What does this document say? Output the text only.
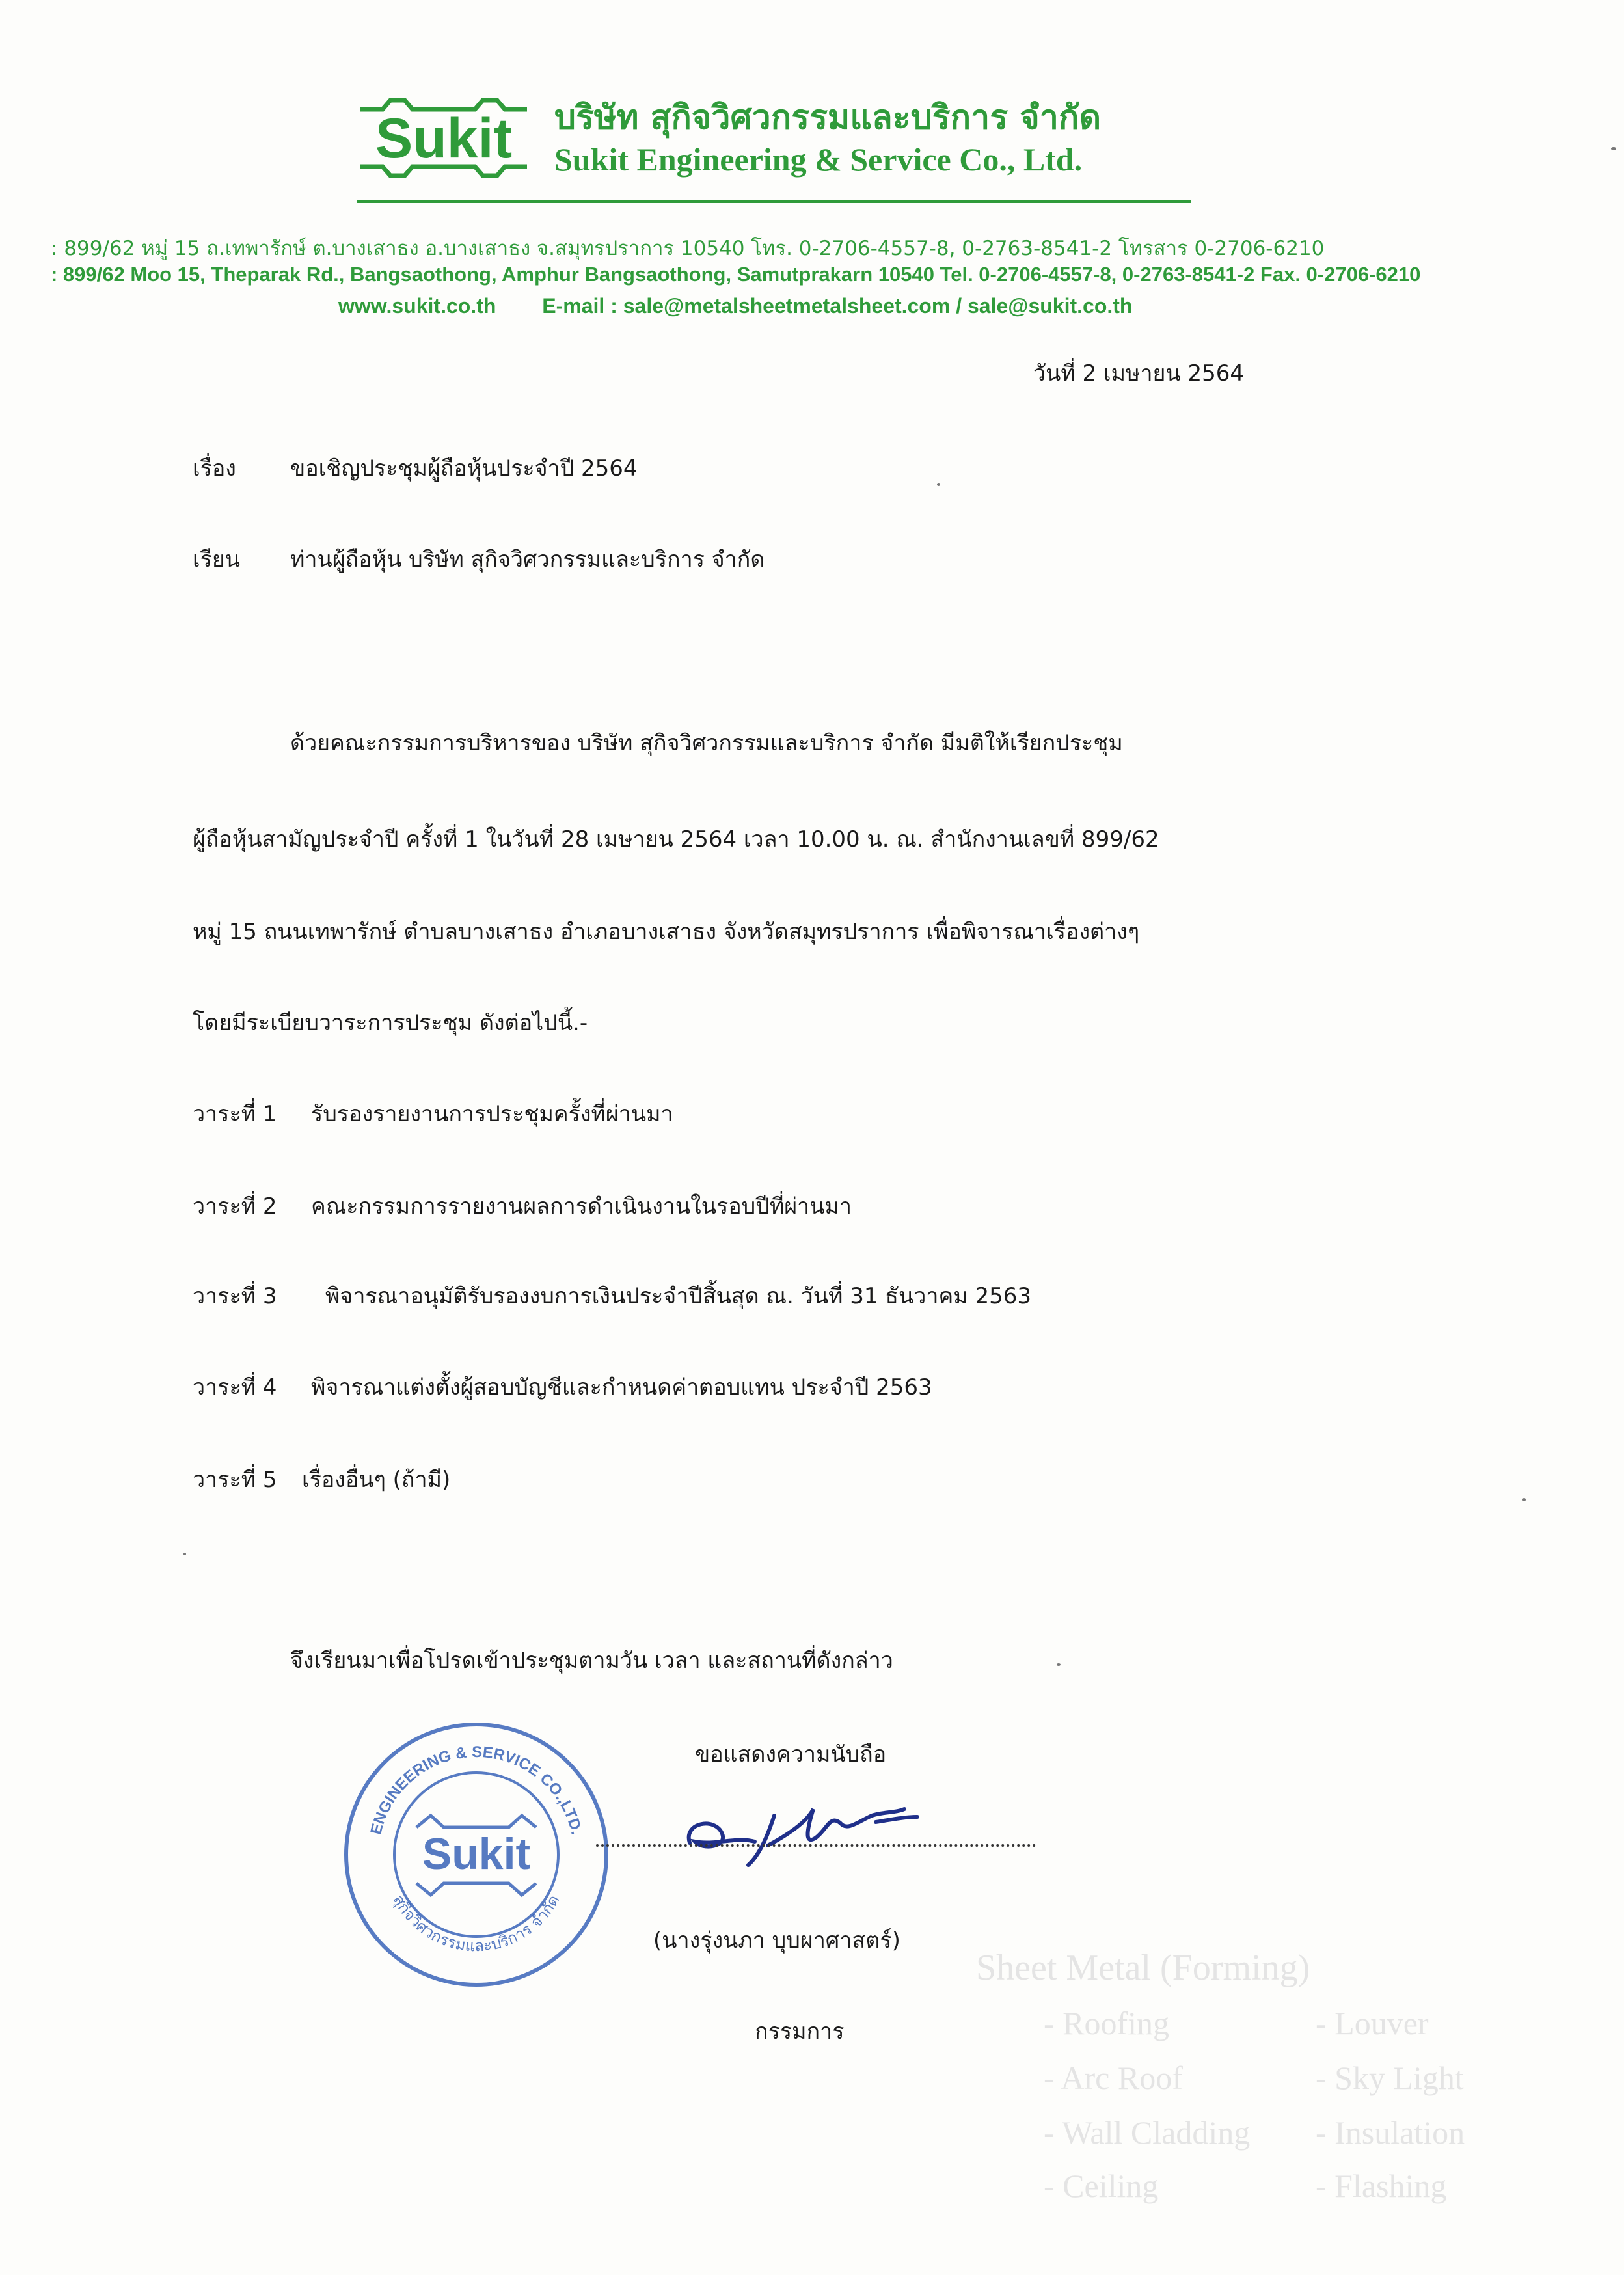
Sukit บริษัท สุกิจวิศวกรรมและบริการ จำกัด
Sukit Engineering & Service Co., Ltd.
: 899/62 หมู่ 15 ถ.เทพารักษ์ ต.บางเสาธง อ.บางเสาธง จ.สมุทรปราการ 10540 โทร. 0-2706-4557-8, 0-2763-8541-2 โทรสาร 0-2706-6210
: 899/62 Moo 15, Theparak Rd., Bangsaothong, Amphur Bangsaothong, Samutprakarn 10540 Tel. 0-2706-4557-8, 0-2763-8541-2 Fax. 0-2706-6210
www.sukit.co.th E-mail : sale@metalsheetmetalsheet.com / sale@sukit.co.th
วันที่ 2 เมษายน 2564
เรื่อง ขอเชิญประชุมผู้ถือหุ้นประจำปี 2564
เรียน ท่านผู้ถือหุ้น บริษัท สุกิจวิศวกรรมและบริการ จำกัด
ด้วยคณะกรรมการบริหารของ บริษัท สุกิจวิศวกรรมและบริการ จำกัด มีมติให้เรียกประชุม
ผู้ถือหุ้นสามัญประจำปี ครั้งที่ 1 ในวันที่ 28 เมษายน 2564 เวลา 10.00 น. ณ. สำนักงานเลขที่ 899/62
หมู่ 15 ถนนเทพารักษ์ ตำบลบางเสาธง อำเภอบางเสาธง จังหวัดสมุทรปราการ เพื่อพิจารณาเรื่องต่างๆ
โดยมีระเบียบวาระการประชุม ดังต่อไปนี้.-
วาระที่ 1 รับรองรายงานการประชุมครั้งที่ผ่านมา
วาระที่ 2 คณะกรรมการรายงานผลการดำเนินงานในรอบปีที่ผ่านมา
วาระที่ 3 พิจารณาอนุมัติรับรองงบการเงินประจำปีสิ้นสุด ณ. วันที่ 31 ธันวาคม 2563
วาระที่ 4 พิจารณาแต่งตั้งผู้สอบบัญชีและกำหนดค่าตอบแทน ประจำปี 2563
วาระที่ 5 เรื่องอื่นๆ (ถ้ามี)
จึงเรียนมาเพื่อโปรดเข้าประชุมตามวัน เวลา และสถานที่ดังกล่าว
ขอแสดงความนับถือ
ENGINEERING & SERVICE CO.,LTD.
สุกิจวิศวกรรมและบริการ จำกัด
Sukit
(นางรุ่งนภา บุบผาศาสตร์)
กรรมการ
Sheet Metal (Forming)
- Roofing
- Arc Roof
- Wall Cladding
- Ceiling
- Louver
- Sky Light
- Insulation
- Flashing
